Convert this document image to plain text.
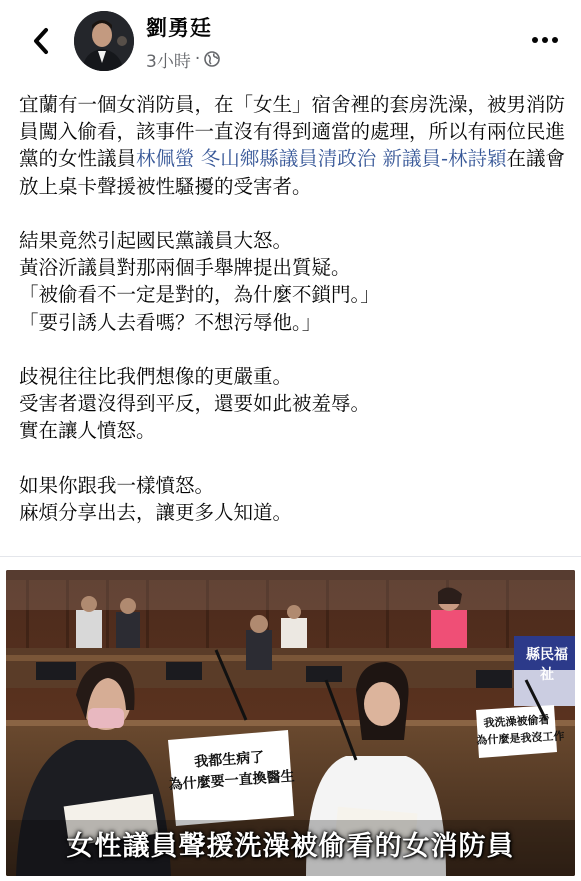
劉勇廷
3小時 ·
宜蘭有一個女消防員，在「女生」宿舍裡的套房洗澡，被男消防員闖入偷看，該事件一直沒有得到適當的處理，所以有兩位民進黨的女性議員林佩螢 冬山鄉縣議員清政治 新議員-林詩穎在議會放上桌卡聲援被性騷擾的受害者。

結果竟然引起國民黨議員大怒。
黃浴沂議員對那兩個手舉牌提出質疑。
「被偷看不一定是對的，為什麼不鎖門。」
「要引誘人去看嗎？不想污辱他。」

歧視往往比我們想像的更嚴重。
受害者還沒得到平反，還要如此被羞辱。
實在讓人憤怒。

如果你跟我一樣憤怒。
麻煩分享出去，讓更多人知道。
縣民福祉
我都生病了
為什麼要一直換醫生
我洗澡被偷看
為什麼是我沒工作
女性議員聲援洗澡被偷看的女消防員
